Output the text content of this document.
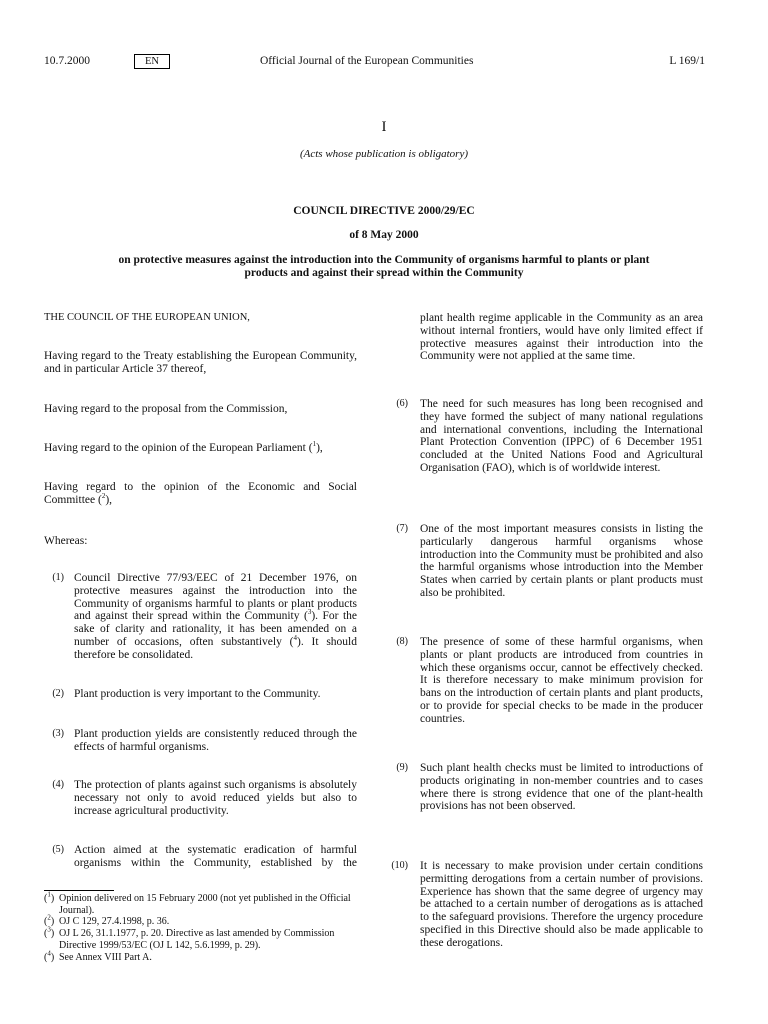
10.7.2000	EN	Official Journal of the European Communities	L 169/1
I
(Acts whose publication is obligatory)
COUNCIL DIRECTIVE 2000/29/EC
of 8 May 2000
on protective measures against the introduction into the Community of organisms harmful to plants or plant products and against their spread within the Community
THE COUNCIL OF THE EUROPEAN UNION,
Having regard to the Treaty establishing the European Community, and in particular Article 37 thereof,
Having regard to the proposal from the Commission,
Having regard to the opinion of the European Parliament ($^1$),
Having regard to the opinion of the Economic and Social Committee ($^2$),
Whereas:
(1) Council Directive 77/93/EEC of 21 December 1976, on protective measures against the introduction into the Community of organisms harmful to plants or plant products and against their spread within the Community ($^3$). For the sake of clarity and rationality, it has been amended on a number of occasions, often substantively ($^4$). It should therefore be consolidated.
(2) Plant production is very important to the Community.
(3) Plant production yields are consistently reduced through the effects of harmful organisms.
(4) The protection of plants against such organisms is absolutely necessary not only to avoid reduced yields but also to increase agricultural productivity.
(5) Action aimed at the systematic eradication of harmful organisms within the Community, established by the
($^1$) Opinion delivered on 15 February 2000 (not yet published in the Official Journal).
($^2$) OJ C 129, 27.4.1998, p. 36.
($^3$) OJ L 26, 31.1.1977, p. 20. Directive as last amended by Commission Directive 1999/53/EC (OJ L 142, 5.6.1999, p. 29).
($^4$) See Annex VIII Part A.
plant health regime applicable in the Community as an area without internal frontiers, would have only limited effect if protective measures against their introduction into the Community were not applied at the same time.
(6) The need for such measures has long been recognised and they have formed the subject of many national regulations and international conventions, including the International Plant Protection Convention (IPPC) of 6 December 1951 concluded at the United Nations Food and Agricultural Organisation (FAO), which is of worldwide interest.
(7) One of the most important measures consists in listing the particularly dangerous harmful organisms whose introduction into the Community must be prohibited and also the harmful organisms whose introduction into the Member States when carried by certain plants or plant products must also be prohibited.
(8) The presence of some of these harmful organisms, when plants or plant products are introduced from countries in which these organisms occur, cannot be effectively checked. It is therefore necessary to make minimum provision for bans on the introduction of certain plants and plant products, or to provide for special checks to be made in the producer countries.
(9) Such plant health checks must be limited to introductions of products originating in non-member countries and to cases where there is strong evidence that one of the plant-health provisions has not been observed.
(10) It is necessary to make provision under certain conditions permitting derogations from a certain number of provisions. Experience has shown that the same degree of urgency may be attached to a certain number of derogations as is attached to the safeguard provisions. Therefore the urgency procedure specified in this Directive should also be made applicable to these derogations.
